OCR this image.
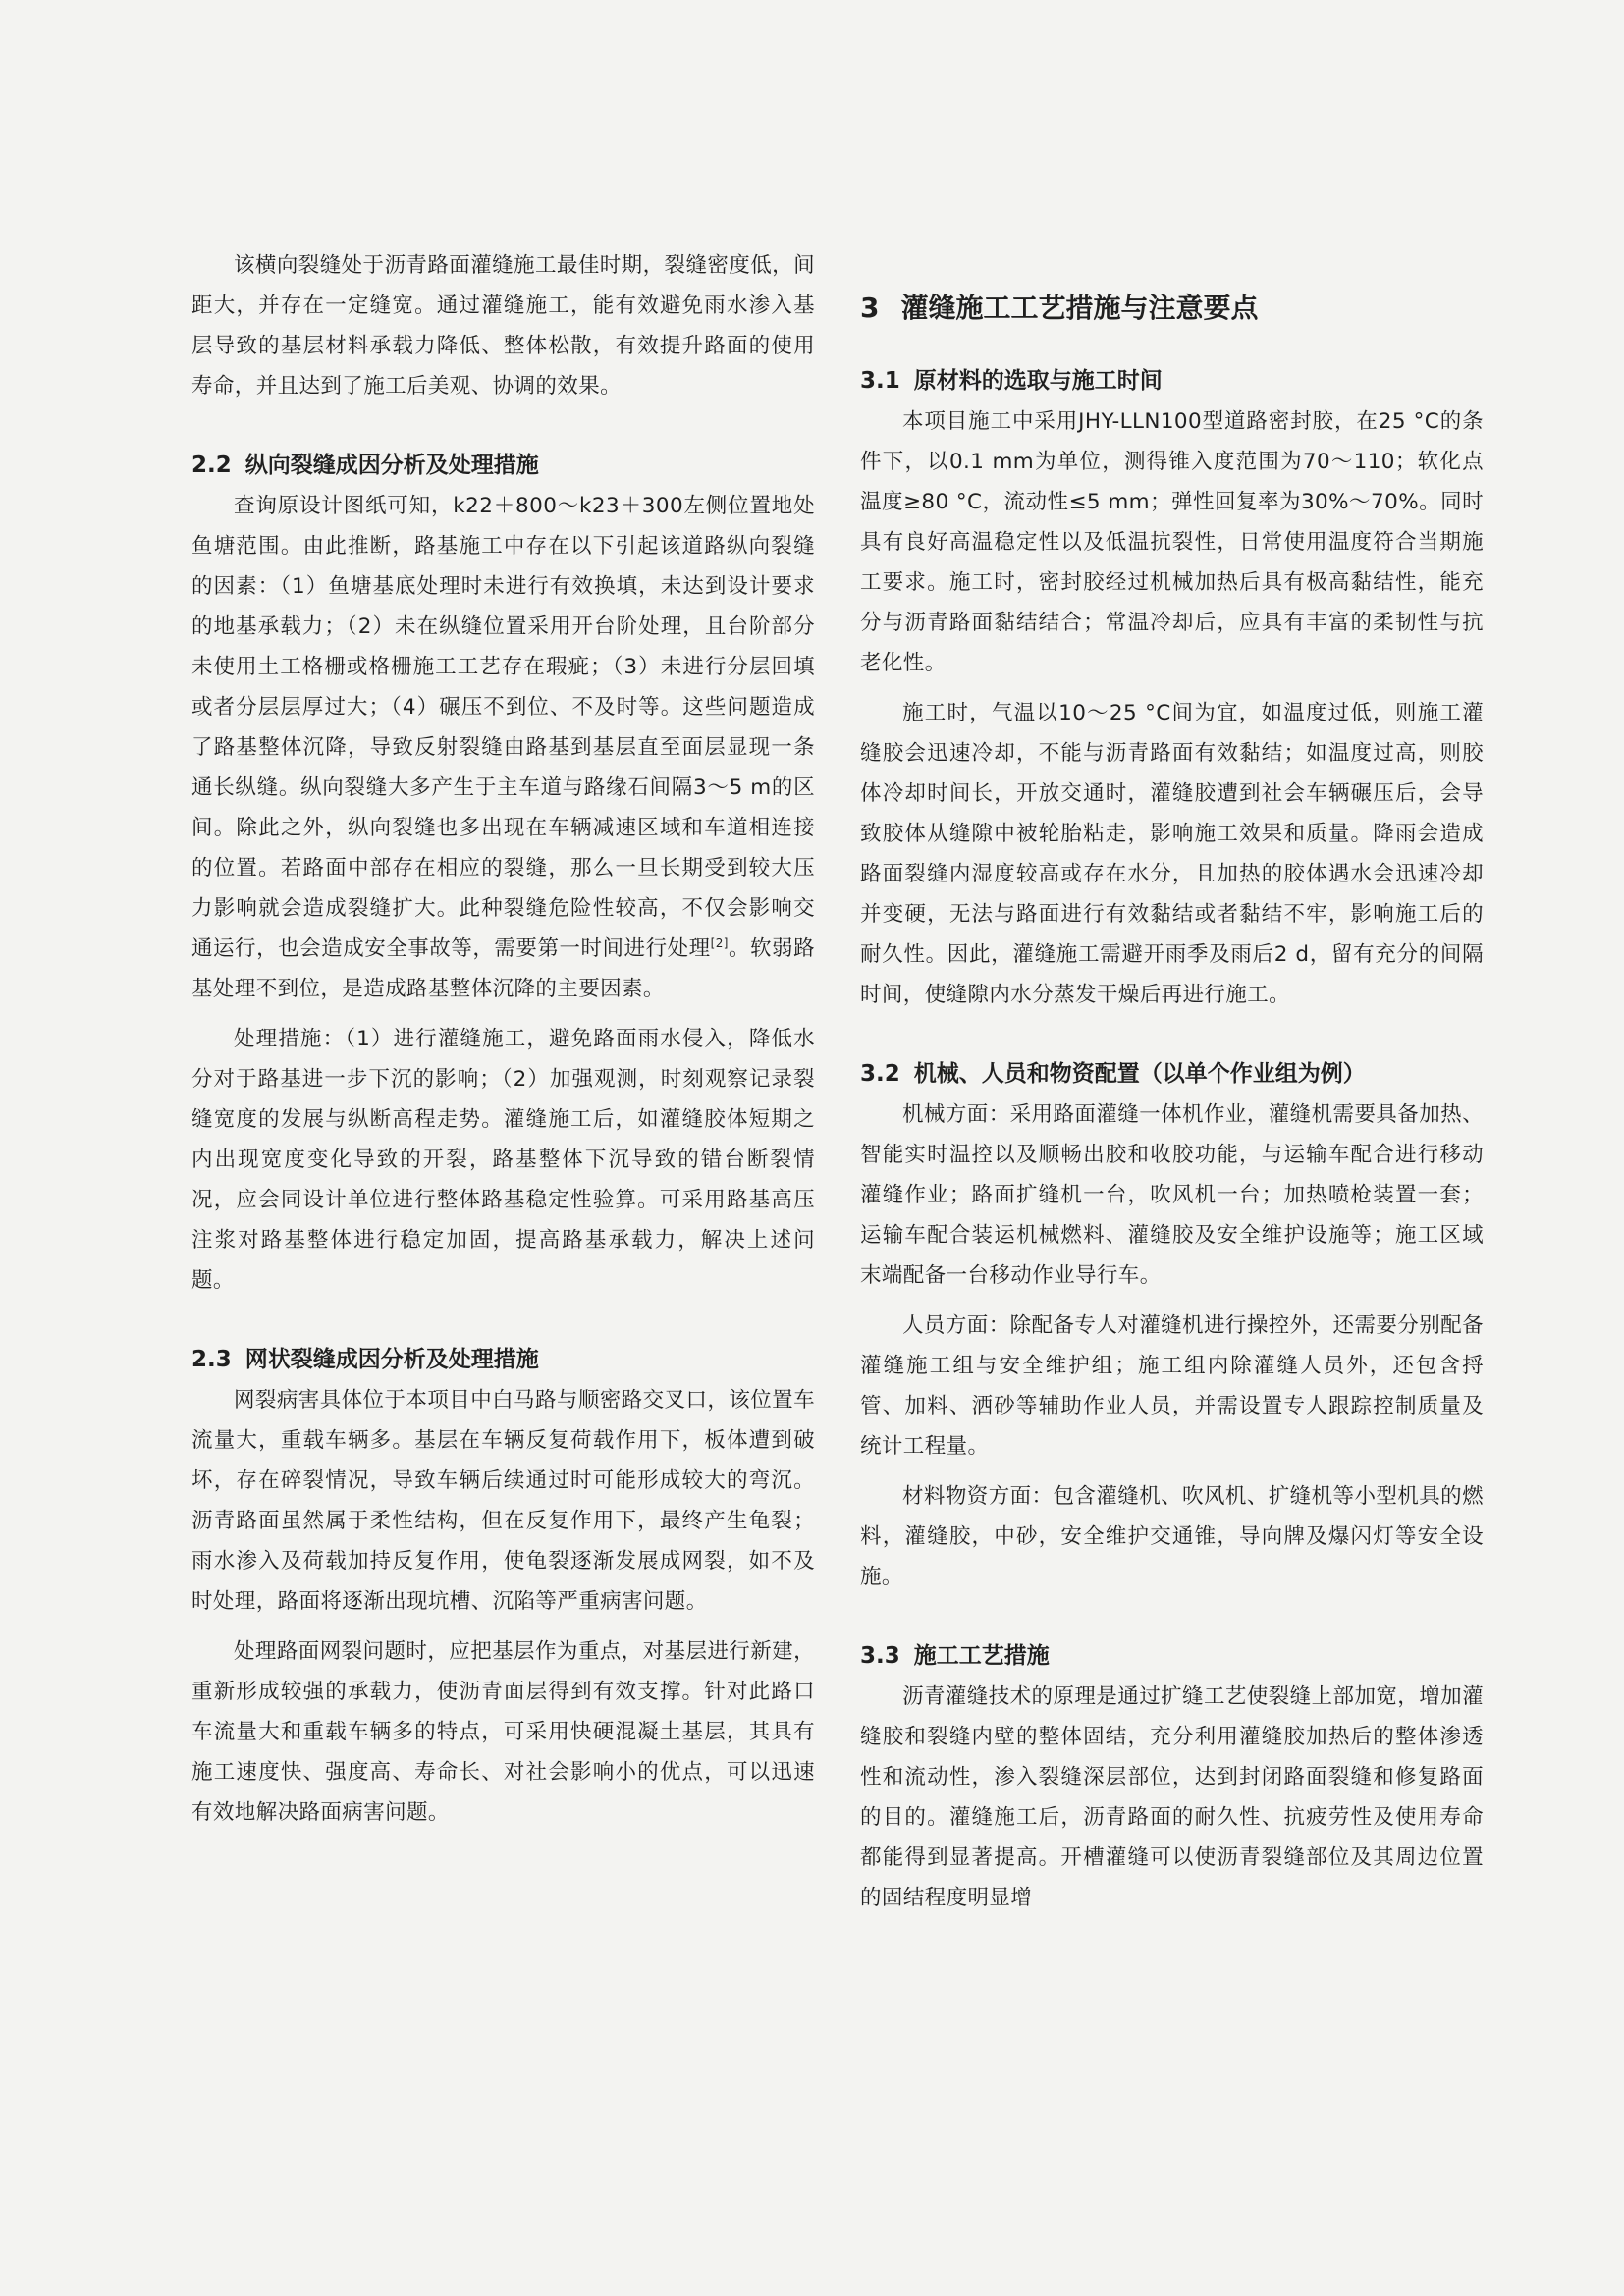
该横向裂缝处于沥青路面灌缝施工最佳时期，裂缝密度低，间距大，并存在一定缝宽。通过灌缝施工，能有效避免雨水渗入基层导致的基层材料承载力降低、整体松散，有效提升路面的使用寿命，并且达到了施工后美观、协调的效果。

2.2 纵向裂缝成因分析及处理措施

查询原设计图纸可知，k22＋800～k23＋300左侧位置地处鱼塘范围。由此推断，路基施工中存在以下引起该道路纵向裂缝的因素：（1）鱼塘基底处理时未进行有效换填，未达到设计要求的地基承载力；（2）未在纵缝位置采用开台阶处理，且台阶部分未使用土工格栅或格栅施工工艺存在瑕疵；（3）未进行分层回填或者分层层厚过大；（4）碾压不到位、不及时等。这些问题造成了路基整体沉降，导致反射裂缝由路基到基层直至面层显现一条通长纵缝。纵向裂缝大多产生于主车道与路缘石间隔3～5 m的区间。除此之外，纵向裂缝也多出现在车辆减速区域和车道相连接的位置。若路面中部存在相应的裂缝，那么一旦长期受到较大压力影响就会造成裂缝扩大。此种裂缝危险性较高，不仅会影响交通运行，也会造成安全事故等，需要第一时间进行处理[2]。软弱路基处理不到位，是造成路基整体沉降的主要因素。

处理措施：（1）进行灌缝施工，避免路面雨水侵入，降低水分对于路基进一步下沉的影响；（2）加强观测，时刻观察记录裂缝宽度的发展与纵断高程走势。灌缝施工后，如灌缝胶体短期之内出现宽度变化导致的开裂，路基整体下沉导致的错台断裂情况，应会同设计单位进行整体路基稳定性验算。可采用路基高压注浆对路基整体进行稳定加固，提高路基承载力，解决上述问题。

2.3 网状裂缝成因分析及处理措施

网裂病害具体位于本项目中白马路与顺密路交叉口，该位置车流量大，重载车辆多。基层在车辆反复荷载作用下，板体遭到破坏，存在碎裂情况，导致车辆后续通过时可能形成较大的弯沉。沥青路面虽然属于柔性结构，但在反复作用下，最终产生龟裂；雨水渗入及荷载加持反复作用，使龟裂逐渐发展成网裂，如不及时处理，路面将逐渐出现坑槽、沉陷等严重病害问题。

处理路面网裂问题时，应把基层作为重点，对基层进行新建，重新形成较强的承载力，使沥青面层得到有效支撑。针对此路口车流量大和重载车辆多的特点，可采用快硬混凝土基层，其具有施工速度快、强度高、寿命长、对社会影响小的优点，可以迅速有效地解决路面病害问题。

3 灌缝施工工艺措施与注意要点
3.1 原材料的选取与施工时间

本项目施工中采用JHY-LLN100型道路密封胶，在25 °C的条件下，以0.1 mm为单位，测得锥入度范围为70～110；软化点温度≥80 °C，流动性≤5 mm；弹性回复率为30%～70%。同时具有良好高温稳定性以及低温抗裂性，日常使用温度符合当期施工要求。施工时，密封胶经过机械加热后具有极高黏结性，能充分与沥青路面黏结结合；常温冷却后，应具有丰富的柔韧性与抗老化性。

施工时，气温以10～25 °C间为宜，如温度过低，则施工灌缝胶会迅速冷却，不能与沥青路面有效黏结；如温度过高，则胶体冷却时间长，开放交通时，灌缝胶遭到社会车辆碾压后，会导致胶体从缝隙中被轮胎粘走，影响施工效果和质量。降雨会造成路面裂缝内湿度较高或存在水分，且加热的胶体遇水会迅速冷却并变硬，无法与路面进行有效黏结或者黏结不牢，影响施工后的耐久性。因此，灌缝施工需避开雨季及雨后2 d，留有充分的间隔时间，使缝隙内水分蒸发干燥后再进行施工。

3.2 机械、人员和物资配置（以单个作业组为例）

机械方面：采用路面灌缝一体机作业，灌缝机需要具备加热、智能实时温控以及顺畅出胶和收胶功能，与运输车配合进行移动灌缝作业；路面扩缝机一台，吹风机一台；加热喷枪装置一套；运输车配合装运机械燃料、灌缝胶及安全维护设施等；施工区域末端配备一台移动作业导行车。

人员方面：除配备专人对灌缝机进行操控外，还需要分别配备灌缝施工组与安全维护组；施工组内除灌缝人员外，还包含捋管、加料、洒砂等辅助作业人员，并需设置专人跟踪控制质量及统计工程量。

材料物资方面：包含灌缝机、吹风机、扩缝机等小型机具的燃料，灌缝胶，中砂，安全维护交通锥，导向牌及爆闪灯等安全设施。

3.3 施工工艺措施

沥青灌缝技术的原理是通过扩缝工艺使裂缝上部加宽，增加灌缝胶和裂缝内壁的整体固结，充分利用灌缝胶加热后的整体渗透性和流动性，渗入裂缝深层部位，达到封闭路面裂缝和修复路面的目的。灌缝施工后，沥青路面的耐久性、抗疲劳性及使用寿命都能得到显著提高。开槽灌缝可以使沥青裂缝部位及其周边位置的固结程度明显增
